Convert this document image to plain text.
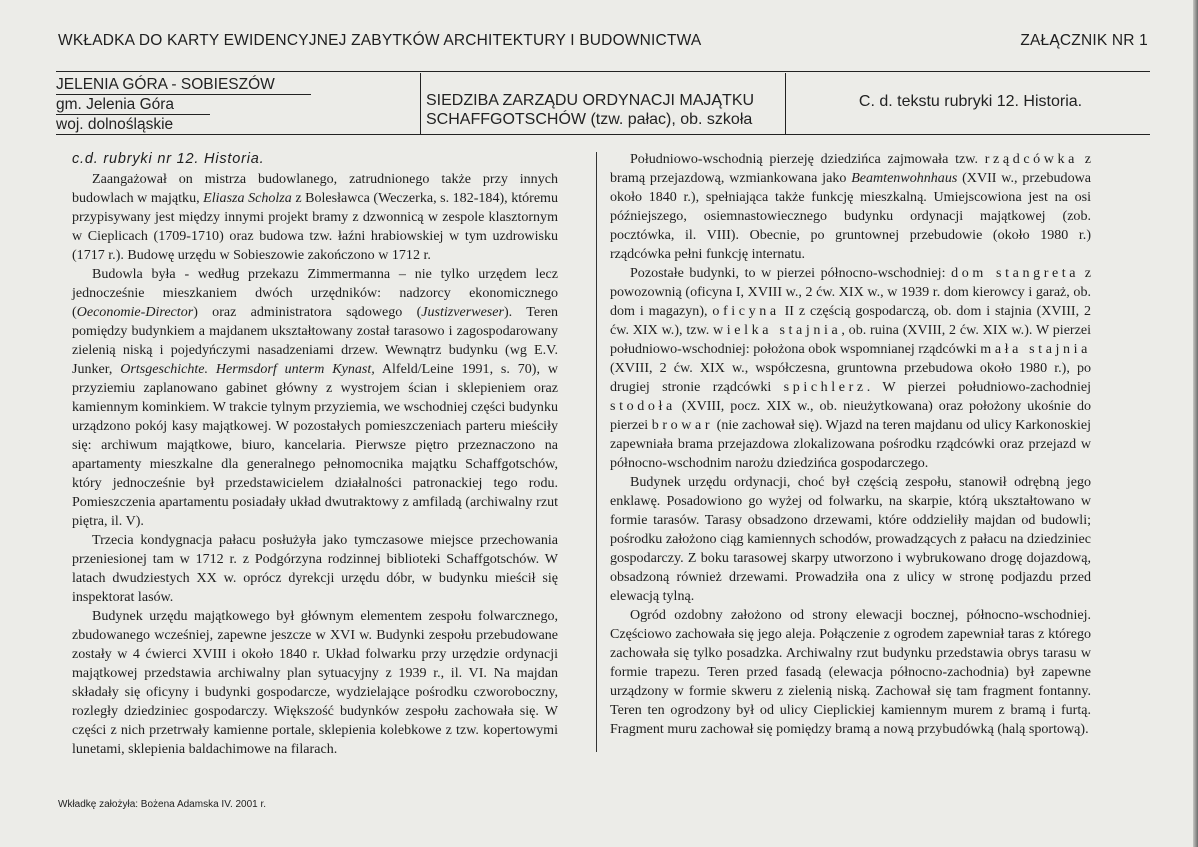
WKŁADKA DO KARTY EWIDENCYJNEJ ZABYTKÓW ARCHITEKTURY I BUDOWNICTWA	ZAŁĄCZNIK NR 1
JELENIA GÓRA - SOBIESZÓW
gm. Jelenia Góra
woj. dolnośląskie
SIEDZIBA ZARZĄDU ORDYNACJI MAJĄTKU
SCHAFFGOTSCHÓW (tzw. pałac), ob. szkoła
C. d. tekstu rubryki 12. Historia.

c.d. rubryki nr 12. Historia.

Zaangażował on mistrza budowlanego, zatrudnionego także przy innych budowlach w majątku, Eliasza Scholza z Bolesławca (Weczerka, s. 182-184), któremu przypisywany jest między innymi projekt bramy z dzwonnicą w zespole klasztornym w Cieplicach (1709-1710) oraz budowa tzw. łaźni hrabiowskiej w tym uzdrowisku (1717 r.). Budowę urzędu w Sobieszowie zakończono w 1712 r.

Budowla była - według przekazu Zimmermanna – nie tylko urzędem lecz jednocześnie mieszkaniem dwóch urzędników: nadzorcy ekonomicznego (Oeconomie-Director) oraz administratora sądowego (Justizverweser). Teren pomiędzy budynkiem a majdanem ukształtowany został tarasowo i zagospodarowany zielenią niską i pojedyńczymi nasadzeniami drzew. Wewnątrz budynku (wg E.V. Junker, Ortsgeschichte. Hermsdorf unterm Kynast, Alfeld/Leine 1991, s. 70), w przyziemiu zaplanowano gabinet główny z wystrojem ścian i sklepieniem oraz kamiennym kominkiem. W trakcie tylnym przyziemia, we wschodniej części budynku urządzono pokój kasy majątkowej. W pozostałych pomieszczeniach parteru mieściły się: archiwum majątkowe, biuro, kancelaria. Pierwsze piętro przeznaczono na apartamenty mieszkalne dla generalnego pełnomocnika majątku Schaffgotschów, który jednocześnie był przedstawicielem działalności patronackiej tego rodu. Pomieszczenia apartamentu posiadały układ dwutraktowy z amfiladą (archiwalny rzut piętra, il. V).

Trzecia kondygnacja pałacu posłużyła jako tymczasowe miejsce przechowania przeniesionej tam w 1712 r. z Podgórzyna rodzinnej biblioteki Schaffgotschów. W latach dwudziestych XX w. oprócz dyrekcji urzędu dóbr, w budynku mieścił się inspektorat lasów.

Budynek urzędu majątkowego był głównym elementem zespołu folwarcznego, zbudowanego wcześniej, zapewne jeszcze w XVI w. Budynki zespołu przebudowane zostały w 4 ćwierci XVIII i około 1840 r. Układ folwarku przy urzędzie ordynacji majątkowej przedstawia archiwalny plan sytuacyjny z 1939 r., il. VI. Na majdan składały się oficyny i budynki gospodarcze, wydzielające pośrodku czworoboczny, rozległy dziedziniec gospodarczy. Większość budynków zespołu zachowała się. W części z nich przetrwały kamienne portale, sklepienia kolebkowe z tzw. kopertowymi lunetami, sklepienia baldachimowe na filarach.

Południowo-wschodnią pierzeję dziedzińca zajmowała tzw. rządcówka z bramą przejazdową, wzmiankowana jako Beamtenwohnhaus (XVII w., przebudowa około 1840 r.), spełniająca także funkcję mieszkalną. Umiejscowiona jest na osi późniejszego, osiemnastowiecznego budynku ordynacji majątkowej (zob. pocztówka, il. VIII). Obecnie, po gruntownej przebudowie (około 1980 r.) rządcówka pełni funkcję internatu.

Pozostałe budynki, to w pierzei północno-wschodniej: dom stangreta z powozownią (oficyna I, XVIII w., 2 ćw. XIX w., w 1939 r. dom kierowcy i garaż, ob. dom i magazyn), oficyna II z częścią gospodarczą, ob. dom i stajnia (XVIII, 2 ćw. XIX w.), tzw. wielka stajnia, ob. ruina (XVIII, 2 ćw. XIX w.). W pierzei południowo-wschodniej: położona obok wspomnianej rządcówki mała stajnia (XVIII, 2 ćw. XIX w., współczesna, gruntowna przebudowa około 1980 r.), po drugiej stronie rządcówki spichlerz. W pierzei południowo-zachodniej stodoła (XVIII, pocz. XIX w., ob. nieużytkowana) oraz położony ukośnie do pierzei browar (nie zachował się). Wjazd na teren majdanu od ulicy Karkonoskiej zapewniała brama przejazdowa zlokalizowana pośrodku rządcówki oraz przejazd w północno-wschodnim narożu dziedzińca gospodarczego.

Budynek urzędu ordynacji, choć był częścią zespołu, stanowił odrębną jego enklawę. Posadowiono go wyżej od folwarku, na skarpie, którą ukształtowano w formie tarasów. Tarasy obsadzono drzewami, które oddzieliły majdan od budowli; pośrodku założono ciąg kamiennych schodów, prowadzących z pałacu na dziedziniec gospodarczy. Z boku tarasowej skarpy utworzono i wybrukowano drogę dojazdową, obsadzoną również drzewami. Prowadziła ona z ulicy w stronę podjazdu przed elewacją tylną.

Ogród ozdobny założono od strony elewacji bocznej, północno-wschodniej. Częściowo zachowała się jego aleja. Połączenie z ogrodem zapewniał taras z którego zachowała się tylko posadzka. Archiwalny rzut budynku przedstawia obrys tarasu w formie trapezu. Teren przed fasadą (elewacja północno-zachodnia) był zapewne urządzony w formie skweru z zielenią niską. Zachował się tam fragment fontanny. Teren ten ogrodzony był od ulicy Cieplickiej kamiennym murem z bramą i furtą. Fragment muru zachował się pomiędzy bramą a nową przybudówką (halą sportową).

Wkładkę założyła: Bożena Adamska IV. 2001 r.
